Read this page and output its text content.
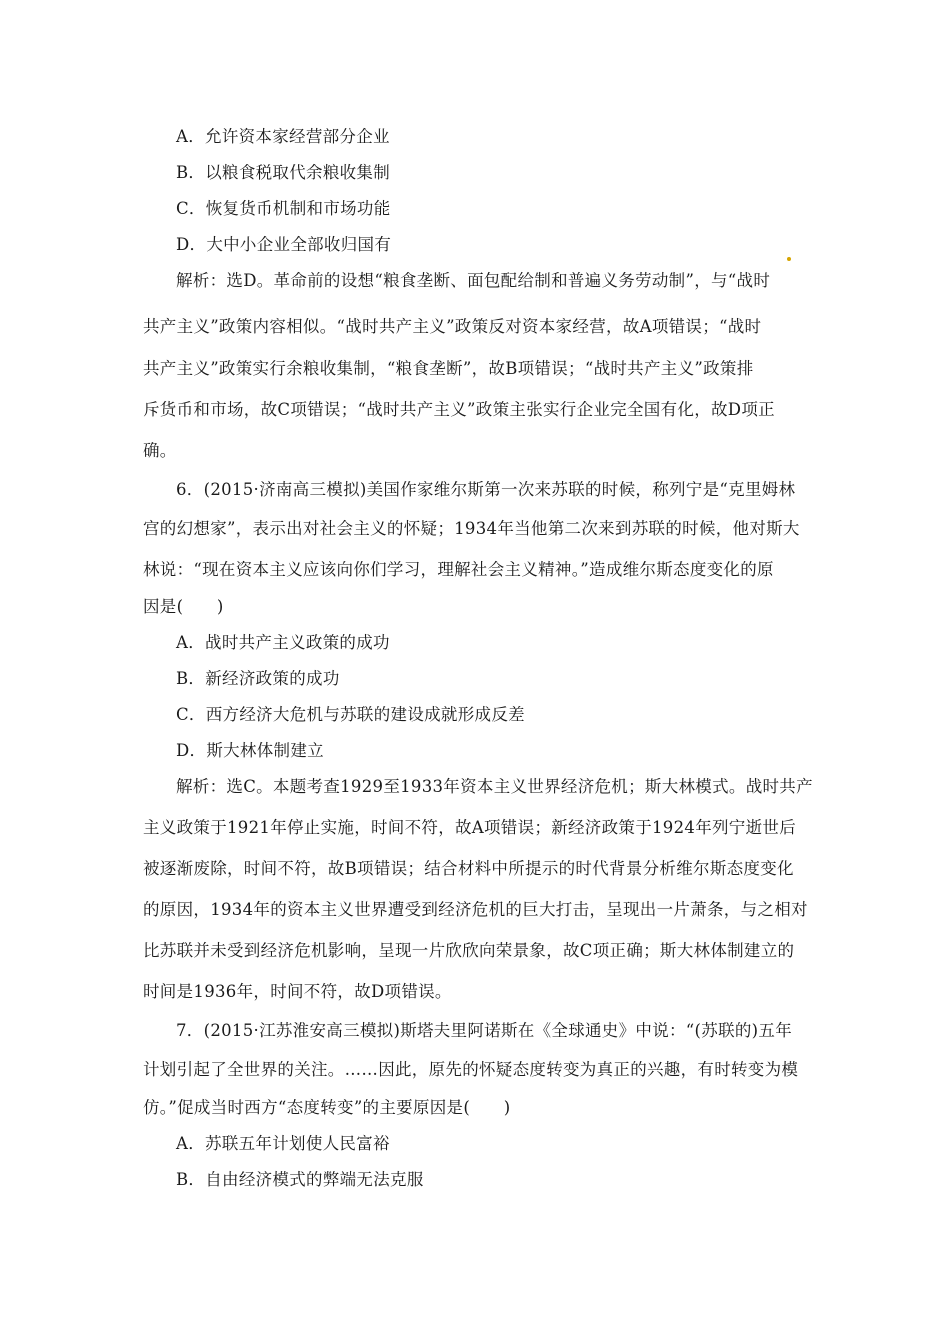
A．允许资本家经营部分企业
B．以粮食税取代余粮收集制
C．恢复货币机制和市场功能
D．大中小企业全部收归国有
解析：选D。革命前的设想“粮食垄断、面包配给制和普遍义务劳动制”，与“战时
共产主义”政策内容相似。“战时共产主义”政策反对资本家经营，故A项错误；“战时
共产主义”政策实行余粮收集制，“粮食垄断”，故B项错误；“战时共产主义”政策排
斥货币和市场，故C项错误；“战时共产主义”政策主张实行企业完全国有化，故D项正
确。
6．(2015·济南高三模拟)美国作家维尔斯第一次来苏联的时候，称列宁是“克里姆林
宫的幻想家”，表示出对社会主义的怀疑；1934年当他第二次来到苏联的时候，他对斯大
林说：“现在资本主义应该向你们学习，理解社会主义精神。”造成维尔斯态度变化的原
因是(　　)
A．战时共产主义政策的成功
B．新经济政策的成功
C．西方经济大危机与苏联的建设成就形成反差
D．斯大林体制建立
解析：选C。本题考查1929至1933年资本主义世界经济危机；斯大林模式。战时共产
主义政策于1921年停止实施，时间不符，故A项错误；新经济政策于1924年列宁逝世后
被逐渐废除，时间不符，故B项错误；结合材料中所提示的时代背景分析维尔斯态度变化
的原因，1934年的资本主义世界遭受到经济危机的巨大打击，呈现出一片萧条，与之相对
比苏联并未受到经济危机影响，呈现一片欣欣向荣景象，故C项正确；斯大林体制建立的
时间是1936年，时间不符，故D项错误。
7．(2015·江苏淮安高三模拟)斯塔夫里阿诺斯在《全球通史》中说：“(苏联的)五年
计划引起了全世界的关注。……因此，原先的怀疑态度转变为真正的兴趣，有时转变为模
仿。”促成当时西方“态度转变”的主要原因是(　　)
A．苏联五年计划使人民富裕
B．自由经济模式的弊端无法克服
